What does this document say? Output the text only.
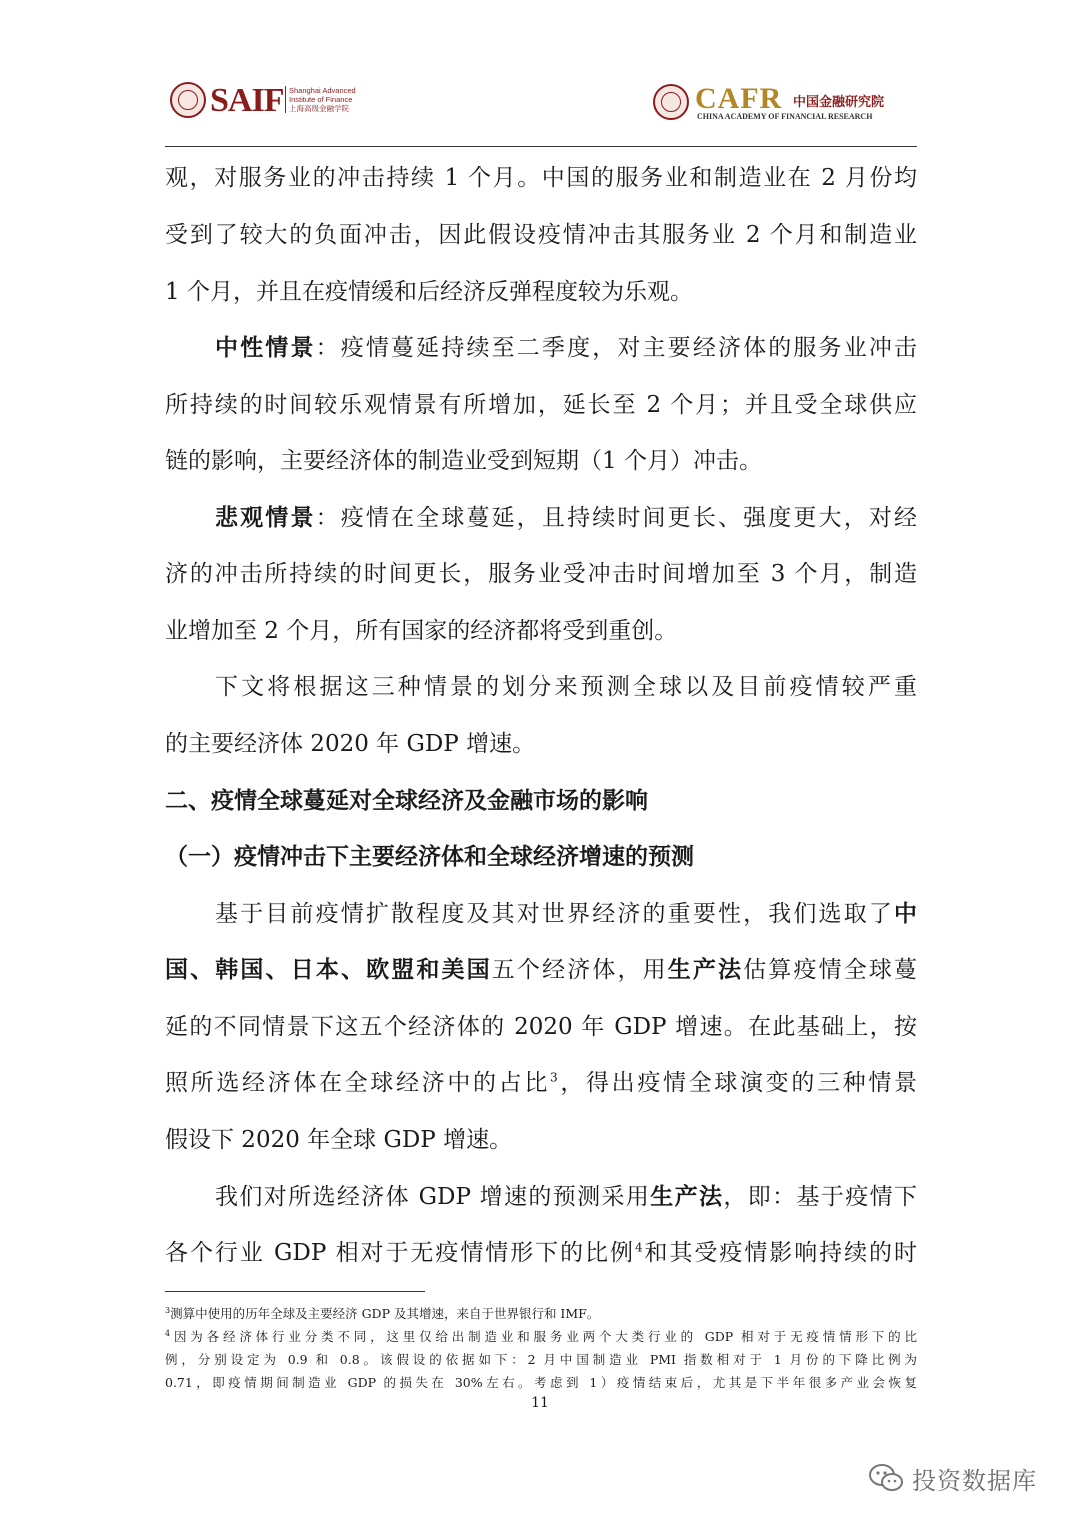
SAIF Shanghai Advanced
Institute of Finance
上海高级金融学院	CAFR 中国金融研究院
CHINA ACADEMY OF FINANCIAL RESEARCH
观，对服务业的冲击持续 1 个月。中国的服务业和制造业在 2 月份均
受到了较大的负面冲击，因此假设疫情冲击其服务业 2 个月和制造业
1 个月，并且在疫情缓和后经济反弹程度较为乐观。
中性情景：疫情蔓延持续至二季度，对主要经济体的服务业冲击
所持续的时间较乐观情景有所增加，延长至 2 个月；并且受全球供应
链的影响，主要经济体的制造业受到短期（1 个月）冲击。
悲观情景：疫情在全球蔓延，且持续时间更长、强度更大，对经
济的冲击所持续的时间更长，服务业受冲击时间增加至 3 个月，制造
业增加至 2 个月，所有国家的经济都将受到重创。
下文将根据这三种情景的划分来预测全球以及目前疫情较严重
的主要经济体 2020 年 GDP 增速。
二、疫情全球蔓延对全球经济及金融市场的影响
（一）疫情冲击下主要经济体和全球经济增速的预测
基于目前疫情扩散程度及其对世界经济的重要性，我们选取了中
国、韩国、日本、欧盟和美国五个经济体，用生产法估算疫情全球蔓
延的不同情景下这五个经济体的 2020 年 GDP 增速。在此基础上，按
照所选经济体在全球经济中的占比$^3$，得出疫情全球演变的三种情景
假设下 2020 年全球 GDP 增速。
我们对所选经济体 GDP 增速的预测采用生产法，即：基于疫情下
各个行业 GDP 相对于无疫情情形下的比例$^4$和其受疫情影响持续的时
$^3$测算中使用的历年全球及主要经济 GDP 及其增速，来自于世界银行和 IMF。
$^4$因为各经济体行业分类不同，这里仅给出制造业和服务业两个大类行业的 GDP 相对于无疫情情形下的比
例，分别设定为 0.9 和 0.8。该假设的依据如下：2 月中国制造业 PMI 指数相对于 1 月份的下降比例为
0.71，即疫情期间制造业 GDP 的损失在 30%左右。考虑到 1）疫情结束后，尤其是下半年很多产业会恢复
11
投资数据库
